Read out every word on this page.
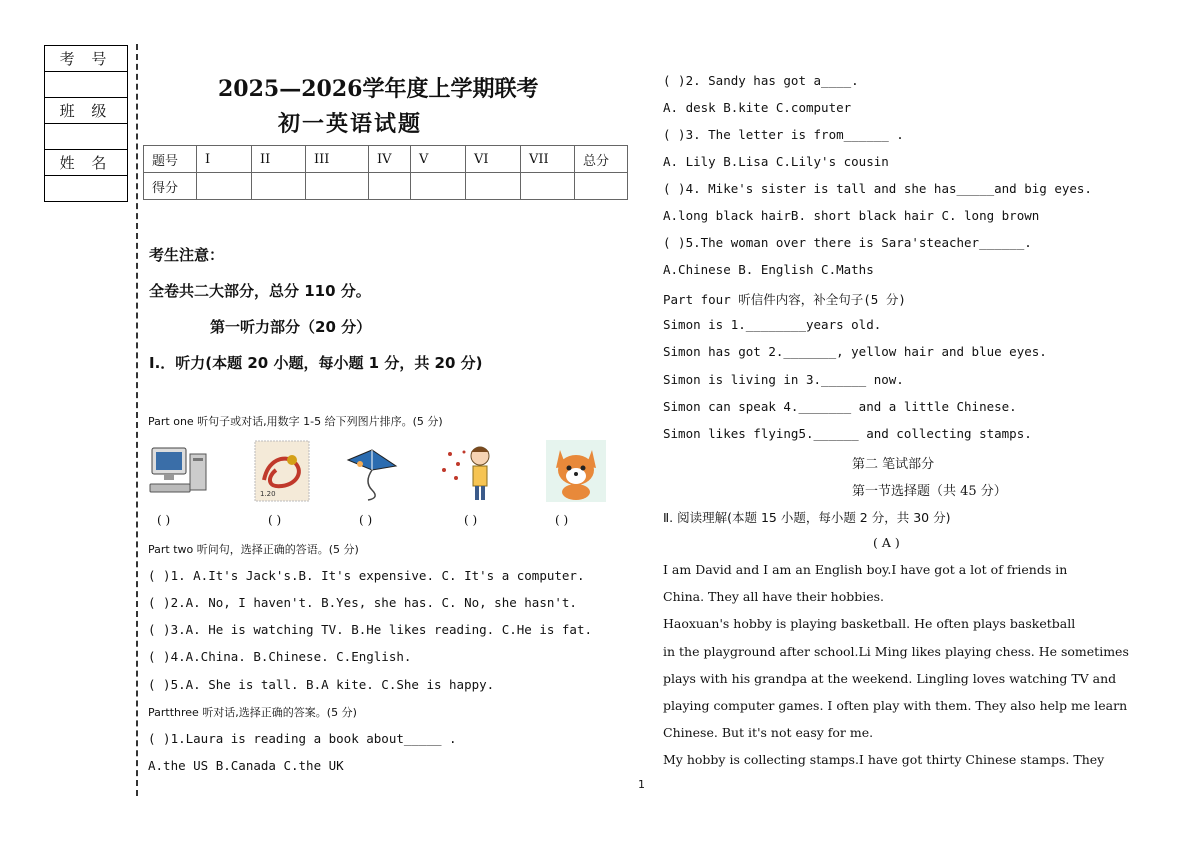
考 号

班 级

姓 名

2025—2026学年度上学期联考
初一英语试题
题号	I	II	III	IV	V	VI	VII	总分
得分								
考生注意：
全卷共二大部分，总分 110 分。
第一听力部分（20 分）
I.．听力(本题 20 小题，每小题 1 分，共 20 分)
Part one 听句子或对话,用数字 1-5 给下列图片排序。(5 分)
1.20
( )	( )	( )	( )	( )
Part two 听问句，选择正确的答语。(5 分)
( )1. A.It's Jack's.B. It's expensive. C. It's a computer.
( )2.A. No, I haven't. B.Yes, she has. C. No, she hasn't.
( )3.A. He is watching TV. B.He likes reading. C.He is fat.
( )4.A.China. B.Chinese. C.English.
( )5.A. She is tall. B.A kite. C.She is happy.
Partthree 听对话,选择正确的答案。(5 分)
( )1.Laura is reading a book about_____ .
A.the US B.Canada C.the UK
1
( )2. Sandy has got a____.
A. desk B.kite C.computer
( )3. The letter is from______ .
A. Lily B.Lisa C.Lily's cousin
( )4. Mike's sister is tall and she has_____and big eyes.
A.long black hairB. short black hair C. long brown
( )5.The woman over there is Sara'steacher______.
A.Chinese B. English C.Maths
Part four 听信件内容，补全句子(5 分)
Simon is 1.________years old.
Simon has got 2._______, yellow hair and blue eyes.
Simon is living in 3.______ now.
Simon can speak 4._______ and a little Chinese.
Simon likes flying5.______ and collecting stamps.
第二 笔试部分
第一节选择题（共 45 分）
Ⅱ. 阅读理解(本题 15 小题，每小题 2 分，共 30 分)
( A )
I am David and I am an English boy.I have got a lot of friends in
China. They all have their hobbies.
Haoxuan's hobby is playing basketball. He often plays basketball
in the playground after school.Li Ming likes playing chess. He sometimes
plays with his grandpa at the weekend. Lingling loves watching TV and
playing computer games. I often play with them. They also help me learn
Chinese. But it's not easy for me.
My hobby is collecting stamps.I have got thirty Chinese stamps. They
